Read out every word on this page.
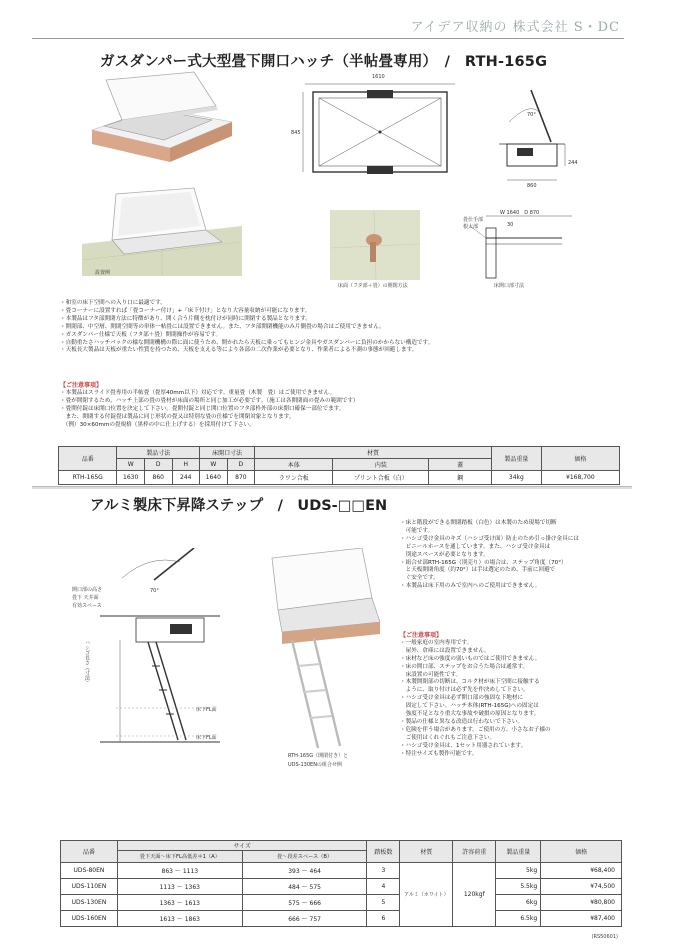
アイデア収納の 株式会社 S・DC
ガスダンパー式大型畳下開口ハッチ（半帖畳専用）　/　RTH-165G
1610
845
70°
860
244
設置例
床面（フタ部＋畳）の開閉方法
W 1640　D 870
畳仕手部
根太部	30
床開口部寸法
・和室の床下空間への入り口に最適です。
・畳コーナーに設置すれば「畳コーナー付け」+「床下付け」となり大容量収納が可能になります。
・本製品はフタ部開閉方法に特徴があり、開く合う片側を枕付けが同時に開閉する製品となります。
・開閉部、中空層、開閉空間等の単体一帖畳には設置できません。また、フタ部開閉機能のみ片側畳の場合はご使用できません。
・ガスダンパー仕様で天板（フタ部＋畳）開閉操作が容易です。
・自動重たさハッチバックの様な開閉機構の際に面に使うため、開かれたら天板に乗ってもヒンジ金具やガスダンパーに負担のかからない構造です。
・天板長大製品は天板が重たい性質を持つため、天板を支える等により各部の二次作業が必要となり、作業者による不測の事態が回避します。
【ご注意事項】
・本製品はスライド畳専用の半帖畳（畳厚40mm以下）対応です。重量畳（木製　畳）はご使用できません。
・畳が開閉するため、ハッチ上部の畳の畳材が床面の場所と同じ加工が必要です。（施工は各開閉面の畳みの範囲です）
・畳開付錠は床開口位置を決定して下さい。畳開付錠と同じ開口位置のフタ部枠外部の床開口確保一部位でます。
　また、開閉する付錠畳は製品に同じ形状の畳又は特別な畳の仕様でを開閉対象となります。
　（例）30×60mmの畳規格（黒枠の中に仕上げする）を採用付けて下さい。
品番	製品寸法			床開口寸法		材質			製品重量	価格
	W	D	H	W	D	本体	内装	蓋		
RTH-165G	1630	860	244	1640	870	ラワン合板	プリント合板（白）	鋼	34kg	¥168,700
アルミ製床下昇降ステップ　/　UDS-□□EN
開口部の高さ
畳下 天井面
有効スペース
床下FL面
床下FL面
70°
ハシゴ長さ（寸法）
RTH-165G（開閉付き）と
UDS-130ENの組合せ例
・床と階段ができる開閉踏板（白色）は木製のため現場で切断
　可能です。
・ハシゴ受け金具のキズ（ハシゴ受け面）防止のため引っ掛け金具には
　ビニールホースを通しています。また、ハシゴ受け金具は
　別途スペースが必要となります。
・組合せ部RTH-165G（別売り）の場合は、ステップ角度（70°）
　と天板開閉角度（約70°）は手は選定のため、手前に回避で
　ぐ安全です。
・本製品は床下用のみで室内へのご使用はできません。
【ご注意事項】
・一般家庭の室内専用です。
　屋外、倉庫には設置できません。
・床材など床の強度の弱いものではご使用できません。
・床の開口部、ステップをお合うた場合は通常す。
　床設置の可能性です。
・木製開閉部の切断は、コルク材が床下空間に接触する
　ように、取り付けは必ず先を作決めして下さい。
・ハシゴ受け金具は必ず開口部の強固な下地材に
　固定して下さい。ハッチ本体(RTH-165G)への固定は
　強度不足となり重大な事故や破損の原因となります。
・製品の仕様と異なる改造は行わないで下さい。
・危険を伴う場合があります。ご使用の方、小さなお子様の
　ご使用はくれぐれもご注意下さい。
・ハシゴ受け金具は、1セット用器されています。
・特注サイズも製作可能です。
品番	サイズ		踏板数	材質	許容荷重	製品重量	価格
	畳下天面〜床下FL高低差＊1（A）	畳〜段差スペース（B）					
UDS-80EN	863 〜 1113	393 〜 464	3	アルミ（ホワイト）	120kgf	5kg	¥68,400
UDS-110EN	1113 〜 1363	484 〜 575	4			5.5kg	¥74,500
UDS-130EN	1363 〜 1613	575 〜 666	5			6kg	¥80,800
UDS-160EN	1613 〜 1863	666 〜 757	6			6.5kg	¥87,400
(RS50601)
